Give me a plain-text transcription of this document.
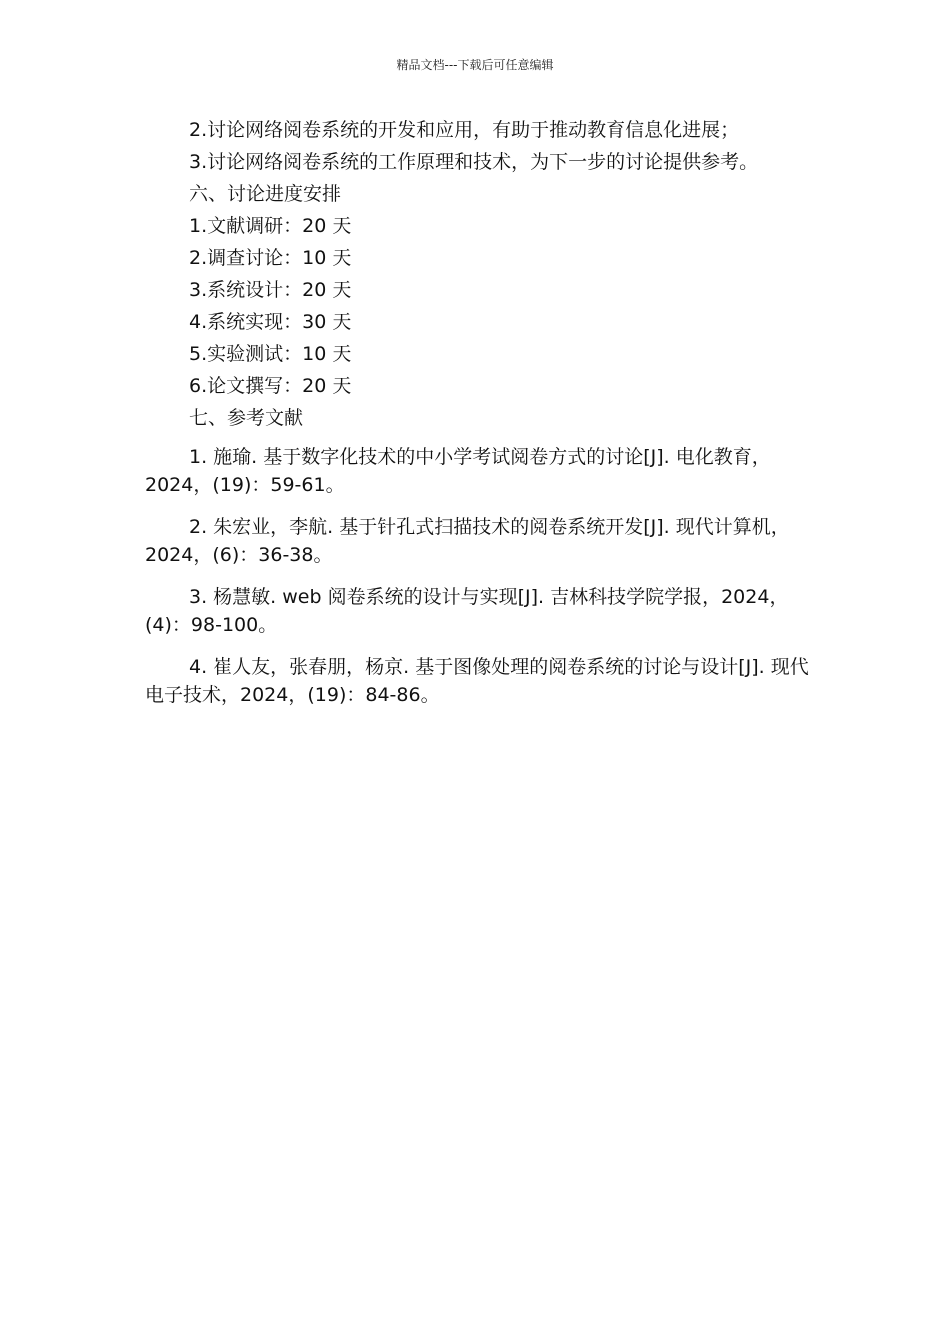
精品文档---下载后可任意编辑

2.讨论网络阅卷系统的开发和应用，有助于推动教育信息化进展；

3.讨论网络阅卷系统的工作原理和技术，为下一步的讨论提供参考。

六、讨论进度安排

1.文献调研：20 天

2.调查讨论：10 天

3.系统设计：20 天

4.系统实现：30 天

5.实验测试：10 天

6.论文撰写：20 天

七、参考文献

1. 施瑜. 基于数字化技术的中小学考试阅卷方式的讨论[J]. 电化教育，2024，(19)：59-61。

2. 朱宏业，李航. 基于针孔式扫描技术的阅卷系统开发[J]. 现代计算机，2024，(6)：36-38。

3. 杨慧敏. web 阅卷系统的设计与实现[J]. 吉林科技学院学报，2024，(4)：98-100。

4. 崔人友，张春朋，杨京. 基于图像处理的阅卷系统的讨论与设计[J]. 现代电子技术，2024，(19)：84-86。
